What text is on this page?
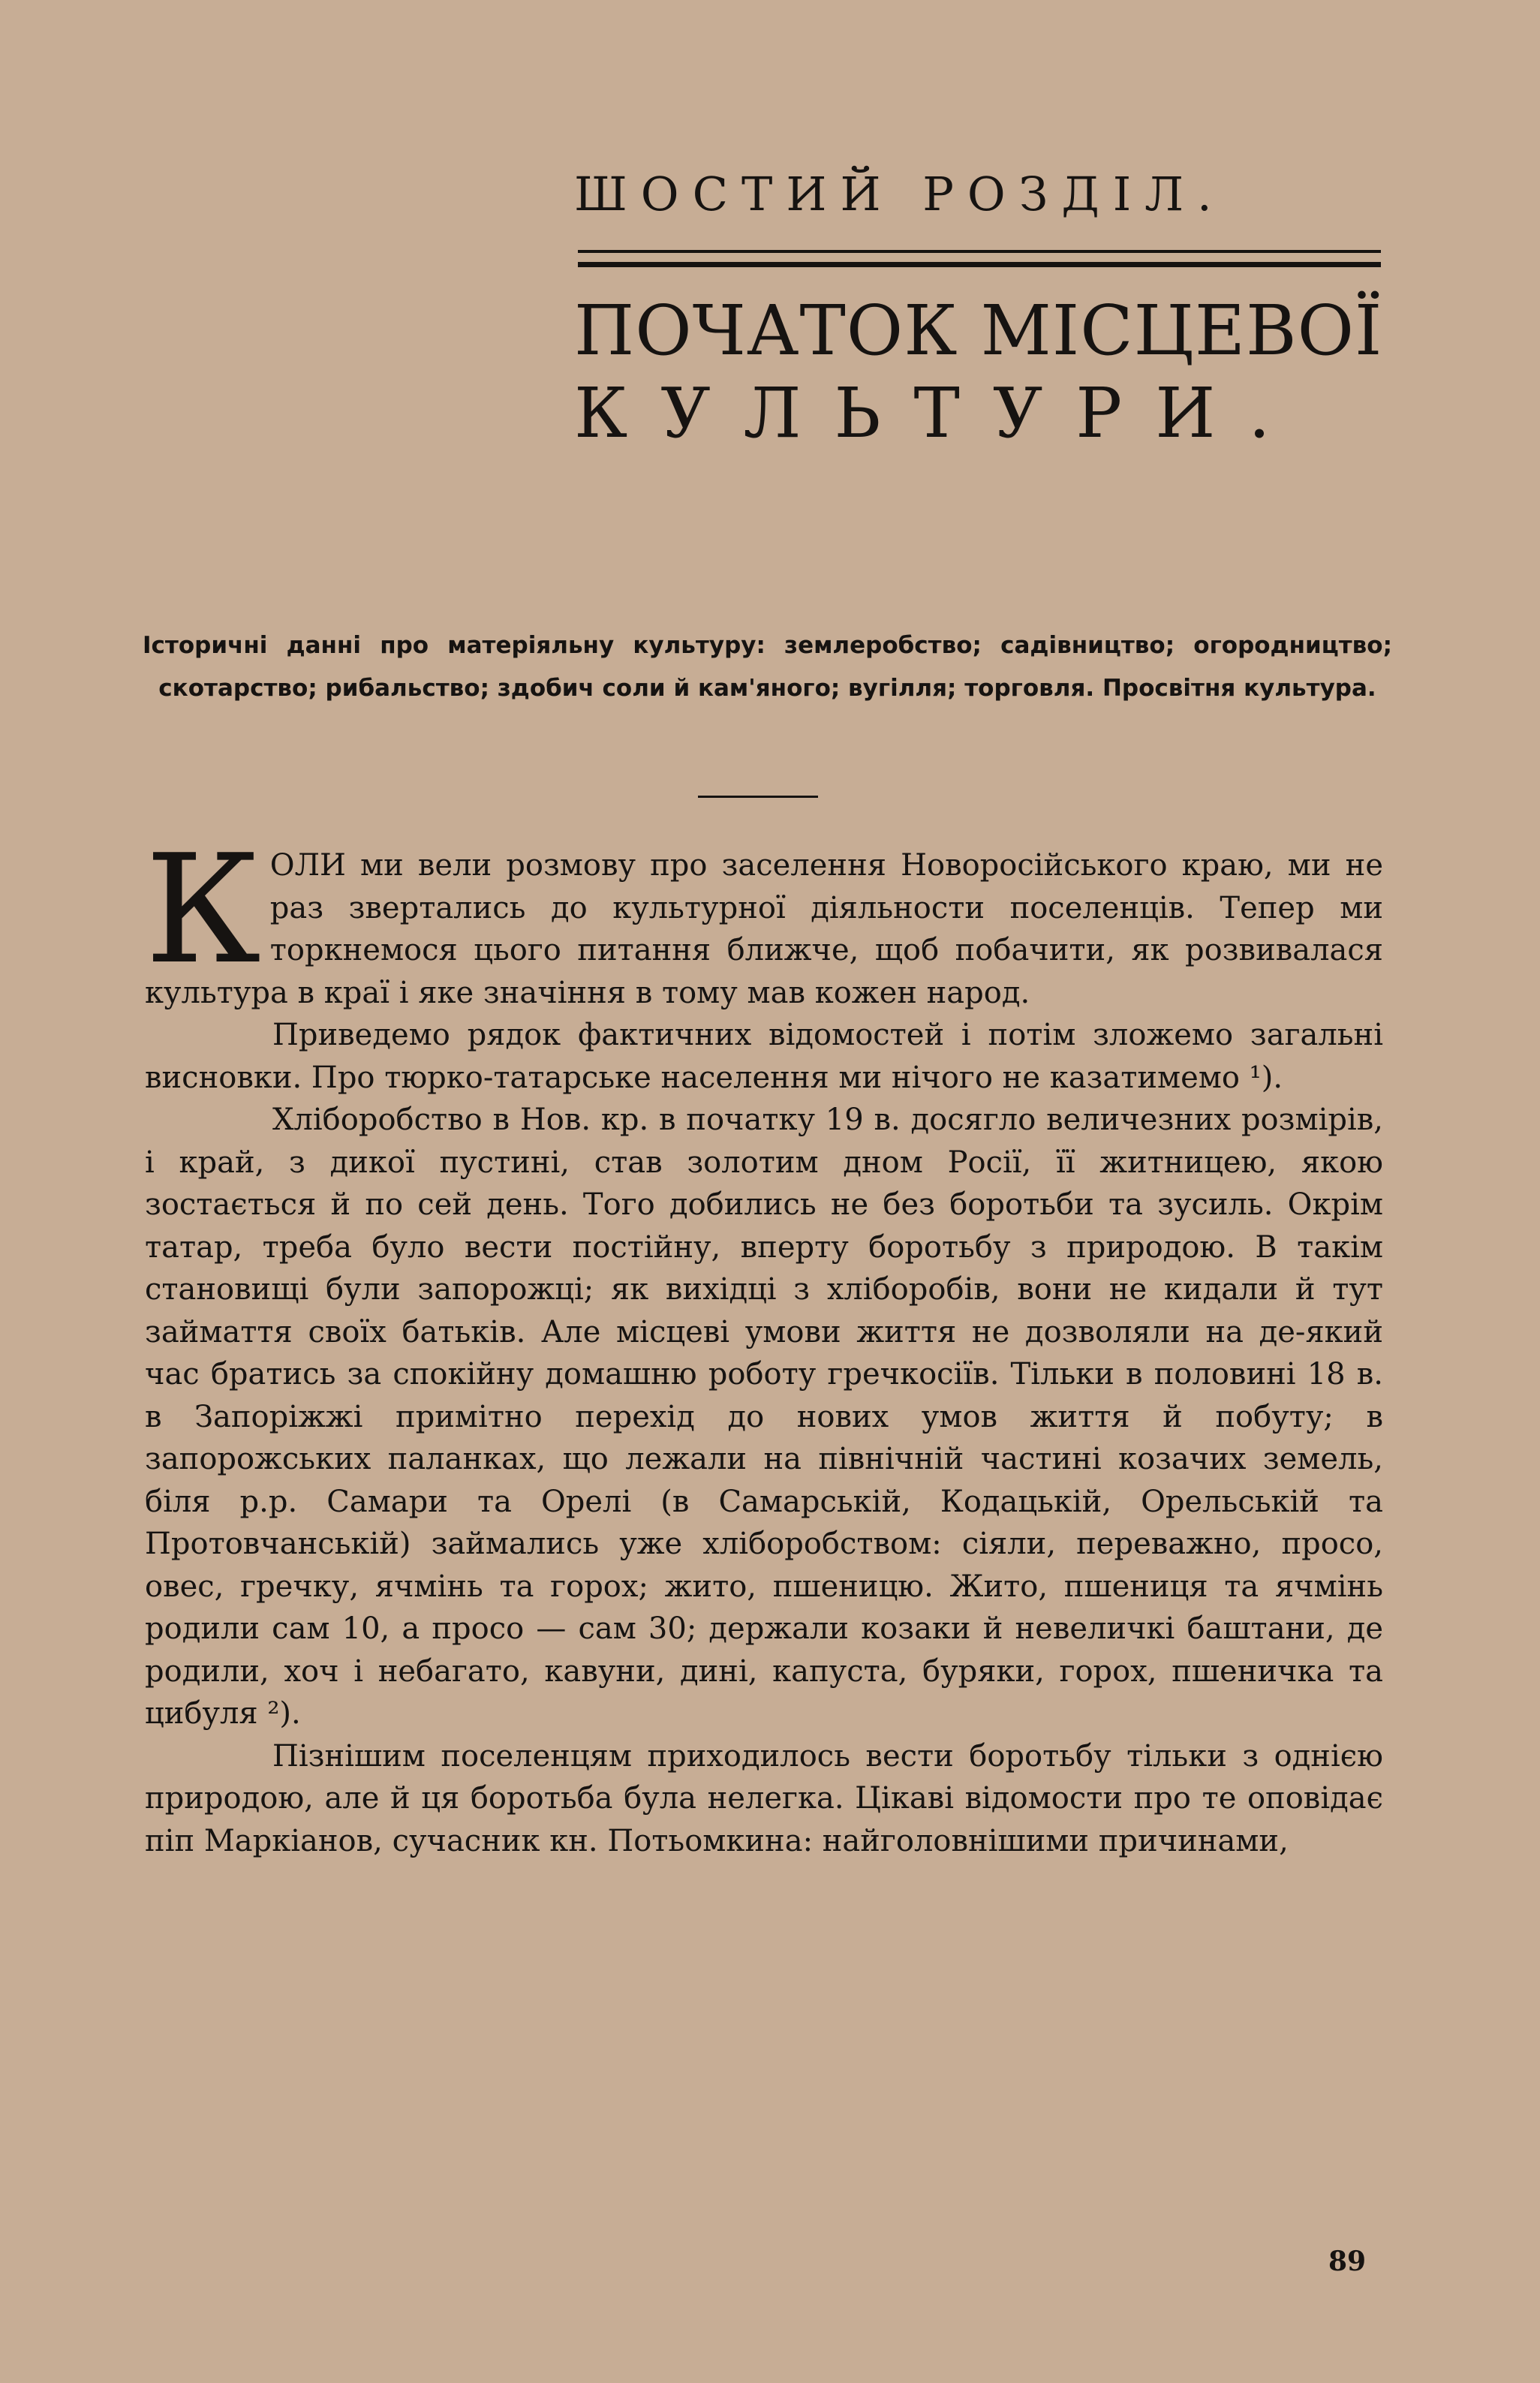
ШОСТИЙ РОЗДІЛ.
ПОЧАТОК МІСЦЕВОЇ
КУЛЬТУРИ.
Історичні данні про матеріяльну культуру: землеробство; садівництво; огородництво; скотарство; рибальство; здобич соли й кам'яного; вугілля; торговля. Просвітня культура.

КОЛИ ми вели розмову про заселення Новоросійського краю, ми не раз звертались до культурної діяльности поселенців. Тепер ми торкнемося цього питання ближче, щоб побачити, як розвивалася культура в краї і яке значіння в тому мав кожен народ.

Приведемо рядок фактичних відомостей і потім зложемо загальні висновки. Про тюрко-татарське населення ми нічого не казатимемо ¹).

Хліборобство в Нов. кр. в початку 19 в. досягло величезних розмірів, і край, з дикої пустині, став золотим дном Росії, її житницею, якою зостається й по сей день. Того добились не без боротьби та зусиль. Окрім татар, треба було вести постійну, вперту боротьбу з природою. В такім становищі були запорожці; як вихідці з хліборобів, вони не кидали й тут займаття своїх батьків. Але місцеві умови життя не дозволяли на де-який час братись за спокійну домашню роботу гречкосіїв. Тільки в половині 18 в. в Запоріжжі примітно перехід до нових умов життя й побуту; в запорожських паланках, що лежали на північній частині козачих земель, біля р.р. Самари та Орелі (в Самарській, Кодацькій, Орельській та Протовчанській) займались уже хліборобством: сіяли, переважно, просо, овес, гречку, ячмінь та горох; жито, пшеницю. Жито, пшениця та ячмінь родили сам 10, а просо — сам 30; держали козаки й невеличкі баштани, де родили, хоч і небагато, кавуни, дині, капуста, буряки, горох, пшеничка та цибуля ²).

Пізнішим поселенцям приходилось вести боротьбу тільки з однією природою, але й ця боротьба була нелегка. Цікаві відомости про те оповідає піп Маркіанов, сучасник кн. Потьомкина: найголовнішими причинами,

89
